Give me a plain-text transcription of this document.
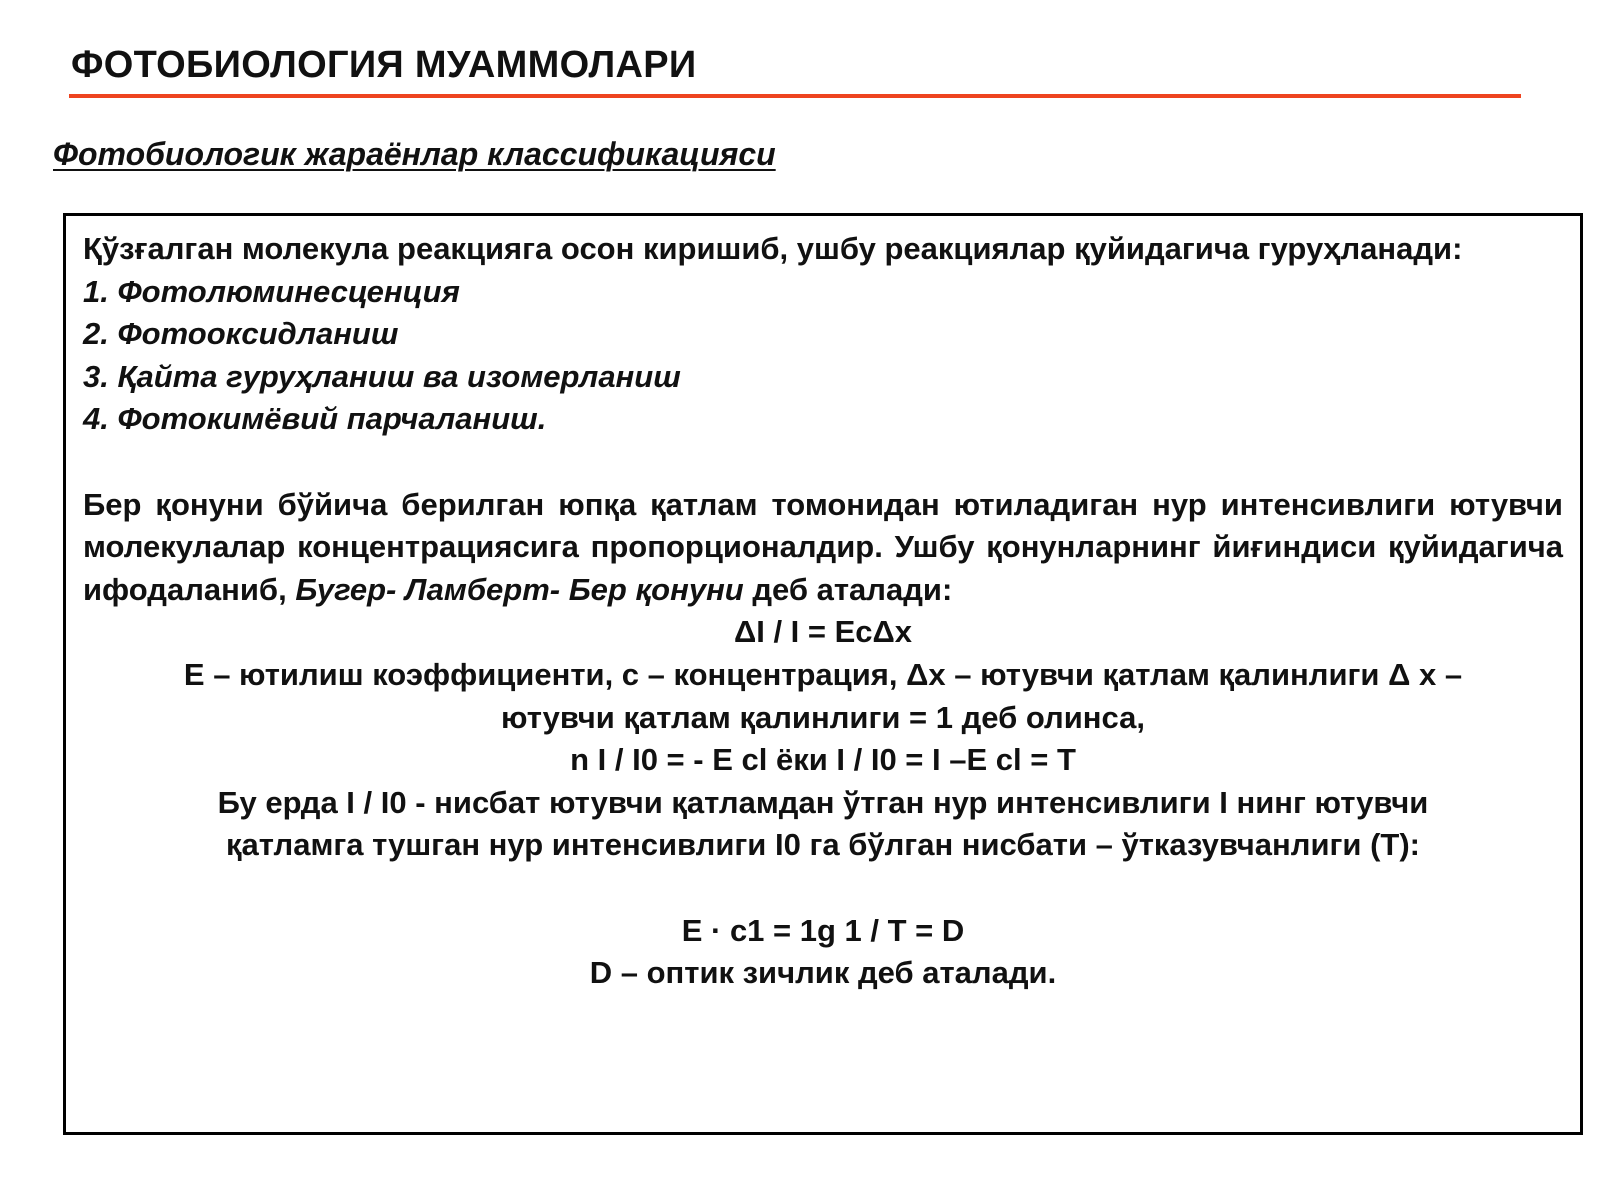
ФОТОБИОЛОГИЯ МУАММОЛАРИ
Фотобиологик жараёнлар классификацияси

Қўзғалган молекула реакцияга осон киришиб, ушбу реакциялар қуйидагича гуруҳланади:

1. Фотолюминесценция

2. Фотооксидланиш

3. Қайта гуруҳланиш ва изомерланиш

4. Фотокимёвий парчаланиш.

Бер қонуни бўйича берилган юпқа қатлам томонидан ютиладиган нур интенсивлиги ютувчи молекулалар концентрациясига пропорционалдир. Ушбу қонунларнинг йиғиндиси қуйидагича ифодаланиб, Бугер- Ламберт- Бер қонуни деб аталади:

ΔI / I = EcΔx

E – ютилиш коэффициенти, c – концентрация, Δx – ютувчи қатлам қалинлиги Δ x –

ютувчи қатлам қалинлиги = 1 деб олинса,

n I / I0 = - E cl ёки I / I0 = I –E cl = T

Бу ерда I / I0 - нисбат ютувчи қатламдан ўтган нур интенсивлиги I нинг ютувчи

қатламга тушган нур интенсивлиги I0 га бўлган нисбати – ўтказувчанлиги (T):

E · c1 = 1g 1 / T = D

D – оптик зичлик деб аталади.
